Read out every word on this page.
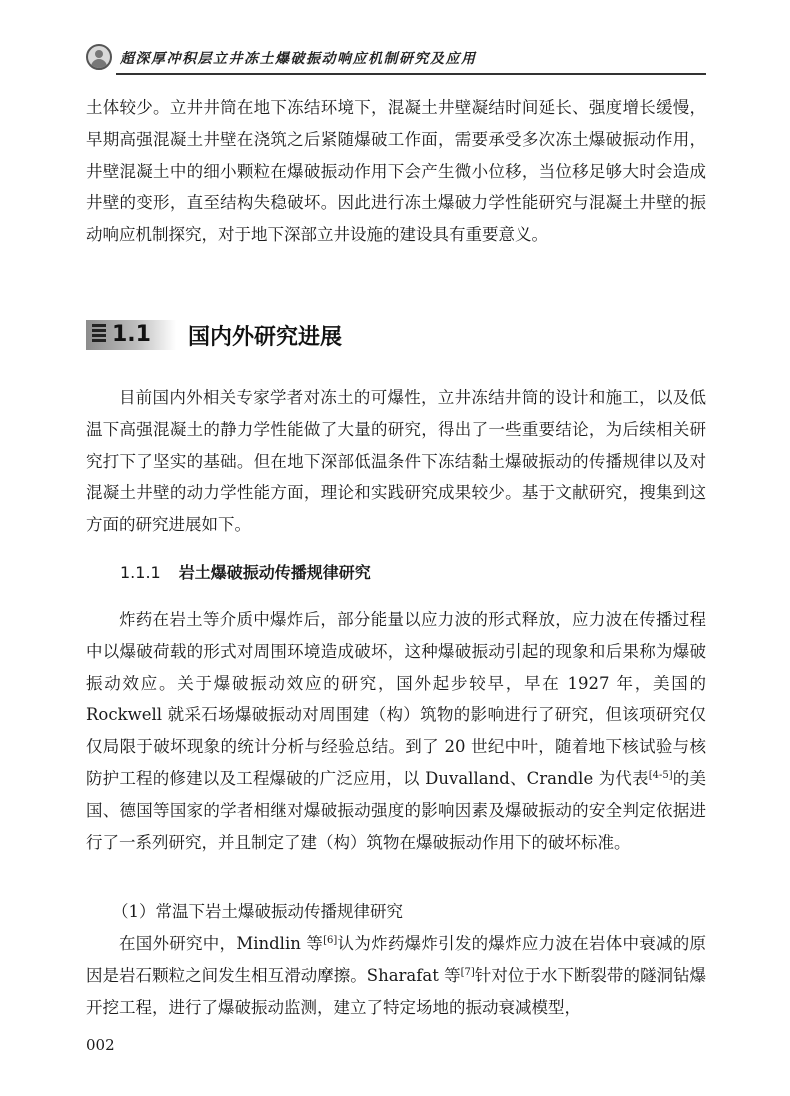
超深厚冲积层立井冻土爆破振动响应机制研究及应用

土体较少。立井井筒在地下冻结环境下，混凝土井壁凝结时间延长、强度增长缓慢，早期高强混凝土井壁在浇筑之后紧随爆破工作面，需要承受多次冻土爆破振动作用，井壁混凝土中的细小颗粒在爆破振动作用下会产生微小位移，当位移足够大时会造成井壁的变形，直至结构失稳破坏。因此进行冻土爆破力学性能研究与混凝土井壁的振动响应机制探究，对于地下深部立井设施的建设具有重要意义。

1.1 国内外研究进展

目前国内外相关专家学者对冻土的可爆性，立井冻结井筒的设计和施工，以及低温下高强混凝土的静力学性能做了大量的研究，得出了一些重要结论，为后续相关研究打下了坚实的基础。但在地下深部低温条件下冻结黏土爆破振动的传播规律以及对混凝土井壁的动力学性能方面，理论和实践研究成果较少。基于文献研究，搜集到这方面的研究进展如下。

1.1.1 岩土爆破振动传播规律研究

炸药在岩土等介质中爆炸后，部分能量以应力波的形式释放，应力波在传播过程中以爆破荷载的形式对周围环境造成破坏，这种爆破振动引起的现象和后果称为爆破振动效应。关于爆破振动效应的研究，国外起步较早，早在 1927 年，美国的 Rockwell 就采石场爆破振动对周围建（构）筑物的影响进行了研究，但该项研究仅仅局限于破坏现象的统计分析与经验总结。到了 20 世纪中叶，随着地下核试验与核防护工程的修建以及工程爆破的广泛应用，以 Duvalland、Crandle 为代表[4-5]的美国、德国等国家的学者相继对爆破振动强度的影响因素及爆破振动的安全判定依据进行了一系列研究，并且制定了建（构）筑物在爆破振动作用下的破坏标准。

（1）常温下岩土爆破振动传播规律研究

在国外研究中，Mindlin 等[6]认为炸药爆炸引发的爆炸应力波在岩体中衰减的原因是岩石颗粒之间发生相互滑动摩擦。Sharafat 等[7]针对位于水下断裂带的隧洞钻爆开挖工程，进行了爆破振动监测，建立了特定场地的振动衰减模型，

002
